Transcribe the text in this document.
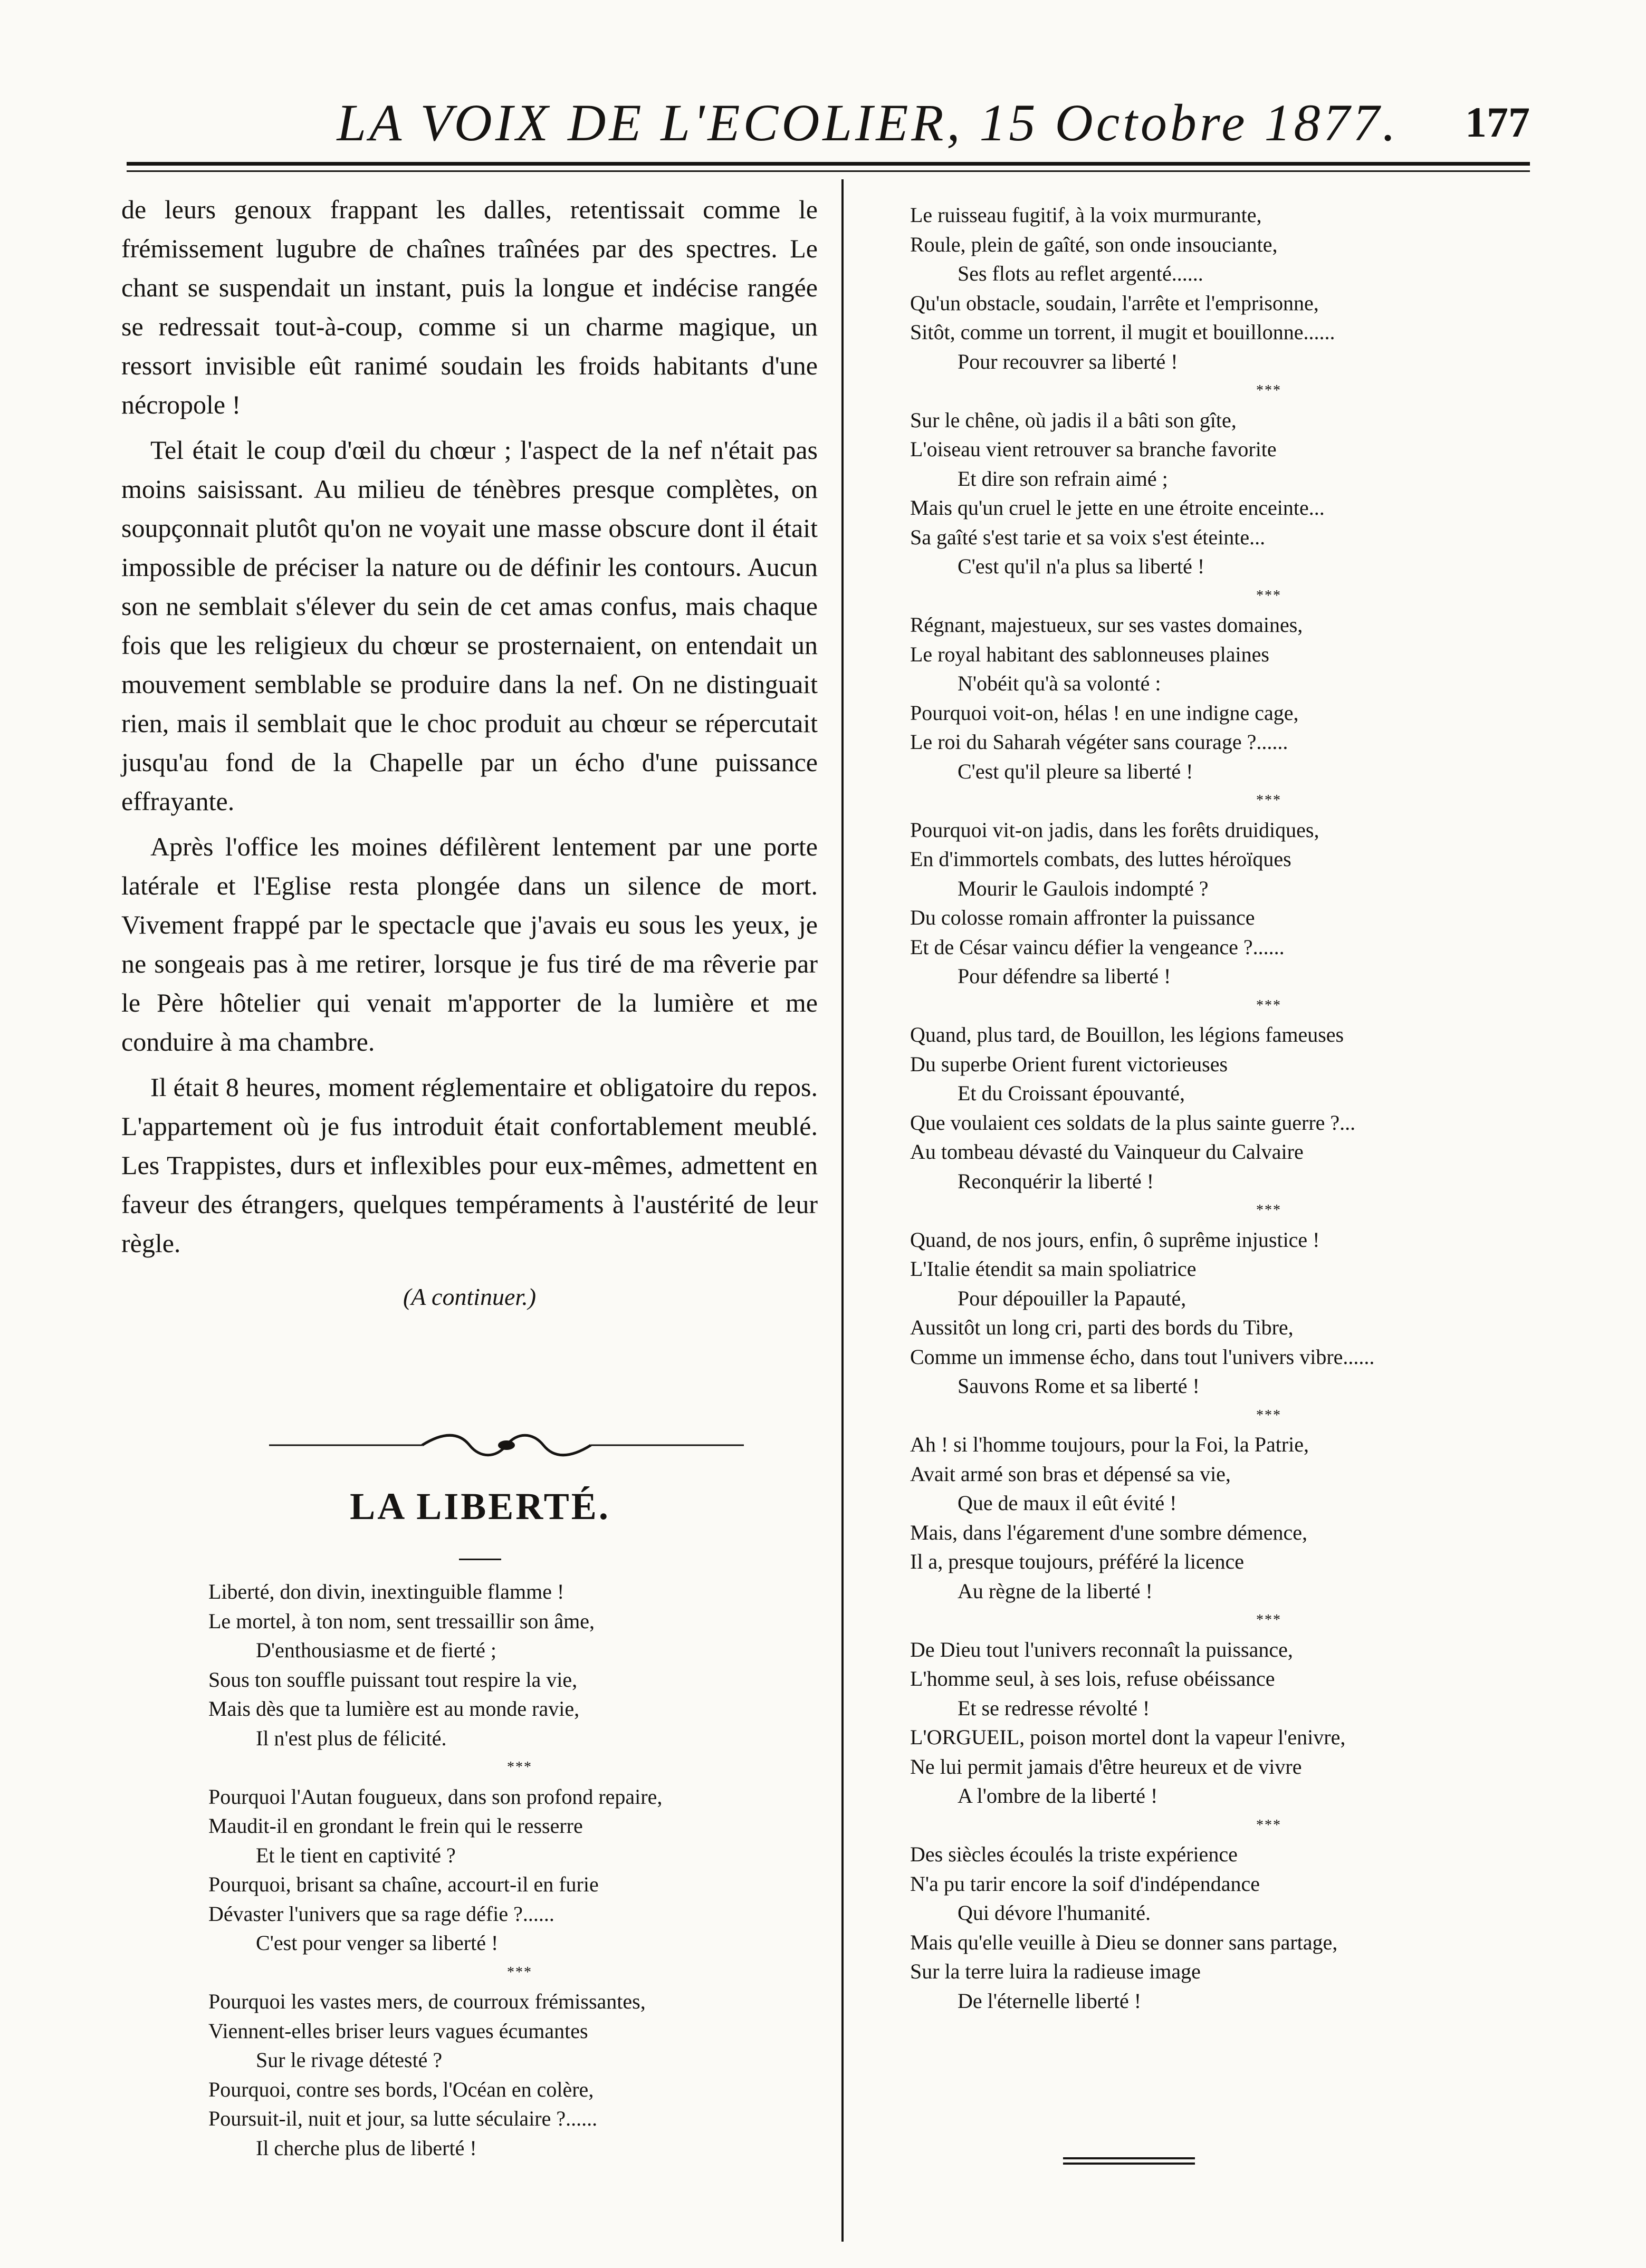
LA VOIX DE L'ECOLIER, 15 Octobre 1877.	177

de leurs genoux frappant les dalles, retentissait comme le frémissement lugubre de chaînes traînées par des spectres. Le chant se suspendait un instant, puis la longue et indécise rangée se redressait tout-à-coup, comme si un charme magique, un ressort invisible eût ranimé soudain les froids habitants d'une nécropole !

Tel était le coup d'œil du chœur ; l'aspect de la nef n'était pas moins saisissant. Au milieu de ténèbres presque complètes, on soupçonnait plutôt qu'on ne voyait une masse obscure dont il était impossible de préciser la nature ou de définir les contours. Aucun son ne semblait s'élever du sein de cet amas confus, mais chaque fois que les religieux du chœur se prosternaient, on entendait un mouvement semblable se produire dans la nef. On ne distinguait rien, mais il semblait que le choc produit au chœur se répercutait jusqu'au fond de la Chapelle par un écho d'une puissance effrayante.

Après l'office les moines défilèrent lentement par une porte latérale et l'Eglise resta plongée dans un silence de mort. Vivement frappé par le spectacle que j'avais eu sous les yeux, je ne songeais pas à me retirer, lorsque je fus tiré de ma rêverie par le Père hôtelier qui venait m'apporter de la lumière et me conduire à ma chambre.

Il était 8 heures, moment réglementaire et obligatoire du repos. L'appartement où je fus introduit était confortablement meublé. Les Trappistes, durs et inflexibles pour eux-mêmes, admettent en faveur des étrangers, quelques tempéraments à l'austérité de leur règle.

(A continuer.)
LA LIBERTÉ.
Liberté, don divin, inextinguible flamme !
Le mortel, à ton nom, sent tressaillir son âme,
D'enthousiasme et de fierté ;
Sous ton souffle puissant tout respire la vie,
Mais dès que ta lumière est au monde ravie,
Il n'est plus de félicité.
***
Pourquoi l'Autan fougueux, dans son profond repaire,
Maudit-il en grondant le frein qui le resserre
Et le tient en captivité ?
Pourquoi, brisant sa chaîne, accourt-il en furie
Dévaster l'univers que sa rage défie ?......
C'est pour venger sa liberté !
***
Pourquoi les vastes mers, de courroux frémissantes,
Viennent-elles briser leurs vagues écumantes
Sur le rivage détesté ?
Pourquoi, contre ses bords, l'Océan en colère,
Poursuit-il, nuit et jour, sa lutte séculaire ?......
Il cherche plus de liberté !
Le ruisseau fugitif, à la voix murmurante,
Roule, plein de gaîté, son onde insouciante,
Ses flots au reflet argenté......
Qu'un obstacle, soudain, l'arrête et l'emprisonne,
Sitôt, comme un torrent, il mugit et bouillonne......
Pour recouvrer sa liberté !
***
Sur le chêne, où jadis il a bâti son gîte,
L'oiseau vient retrouver sa branche favorite
Et dire son refrain aimé ;
Mais qu'un cruel le jette en une étroite enceinte...
Sa gaîté s'est tarie et sa voix s'est éteinte...
C'est qu'il n'a plus sa liberté !
***
Régnant, majestueux, sur ses vastes domaines,
Le royal habitant des sablonneuses plaines
N'obéit qu'à sa volonté :
Pourquoi voit-on, hélas ! en une indigne cage,
Le roi du Saharah végéter sans courage ?......
C'est qu'il pleure sa liberté !
***
Pourquoi vit-on jadis, dans les forêts druidiques,
En d'immortels combats, des luttes héroïques
Mourir le Gaulois indompté ?
Du colosse romain affronter la puissance
Et de César vaincu défier la vengeance ?......
Pour défendre sa liberté !
***
Quand, plus tard, de Bouillon, les légions fameuses
Du superbe Orient furent victorieuses
Et du Croissant épouvanté,
Que voulaient ces soldats de la plus sainte guerre ?...
Au tombeau dévasté du Vainqueur du Calvaire
Reconquérir la liberté !
***
Quand, de nos jours, enfin, ô suprême injustice !
L'Italie étendit sa main spoliatrice
Pour dépouiller la Papauté,
Aussitôt un long cri, parti des bords du Tibre,
Comme un immense écho, dans tout l'univers vibre......
Sauvons Rome et sa liberté !
***
Ah ! si l'homme toujours, pour la Foi, la Patrie,
Avait armé son bras et dépensé sa vie,
Que de maux il eût évité !
Mais, dans l'égarement d'une sombre démence,
Il a, presque toujours, préféré la licence
Au règne de la liberté !
***
De Dieu tout l'univers reconnaît la puissance,
L'homme seul, à ses lois, refuse obéissance
Et se redresse révolté !
L'ORGUEIL, poison mortel dont la vapeur l'enivre,
Ne lui permit jamais d'être heureux et de vivre
A l'ombre de la liberté !
***
Des siècles écoulés la triste expérience
N'a pu tarir encore la soif d'indépendance
Qui dévore l'humanité.
Mais qu'elle veuille à Dieu se donner sans partage,
Sur la terre luira la radieuse image
De l'éternelle liberté !
